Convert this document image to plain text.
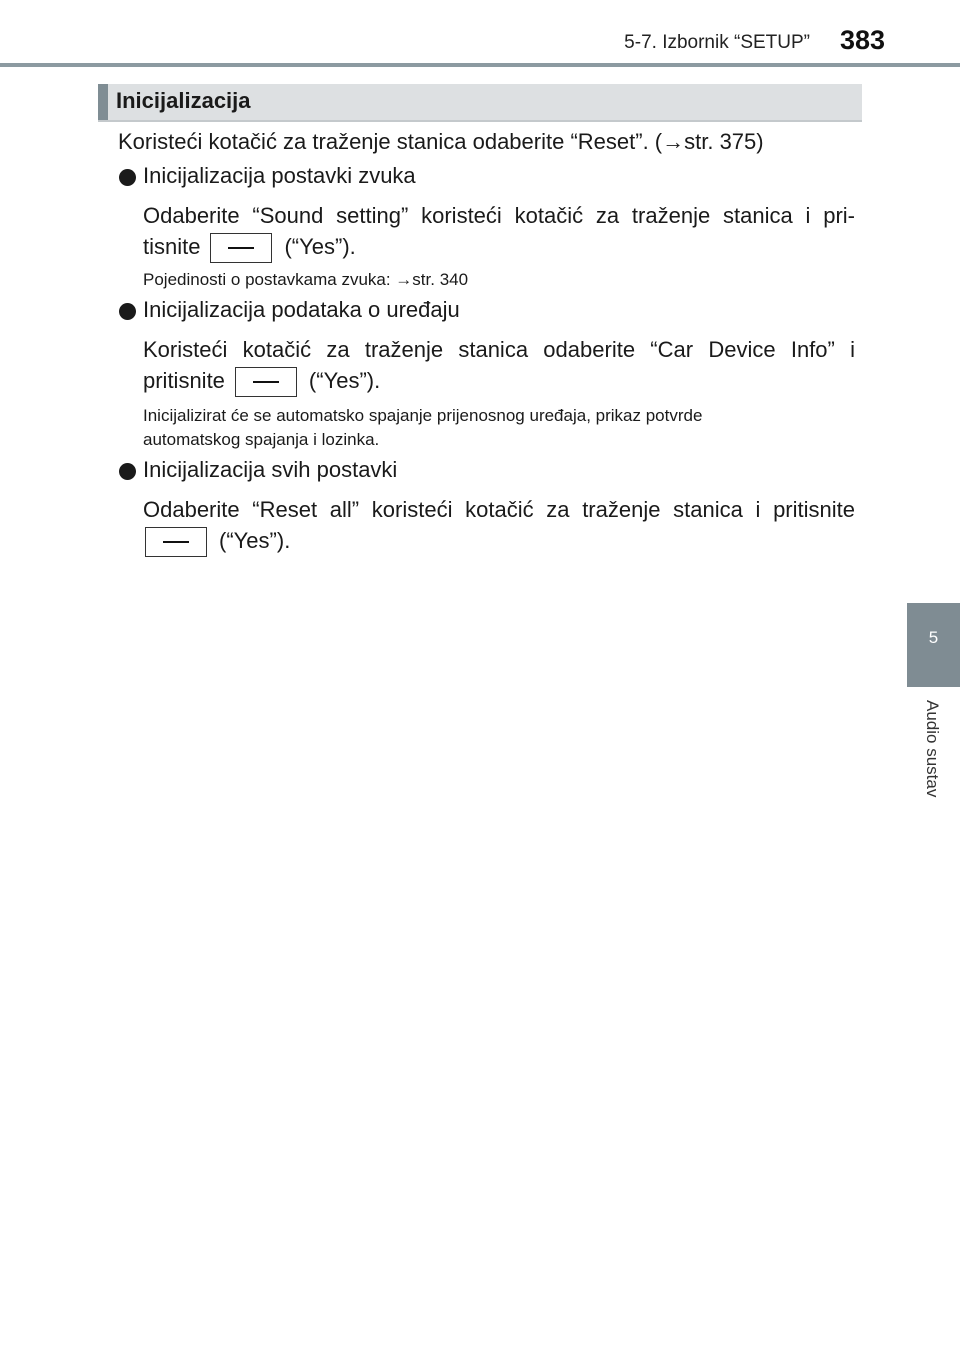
5-7. Izbornik “SETUP” 383
Inicijalizacija
5
Audio sustav
Koristeći kotačić za traženje stanica odaberite “Reset”. (→str. 375)
Inicijalizacija postavki zvuka
Odaberite “Sound setting” koristeći kotačić za traženje stanica i pri-
tisnite	(“Yes”).
Pojedinosti o postavkama zvuka: →str. 340
Inicijalizacija podataka o uređaju
Koristeći kotačić za traženje stanica odaberite “Car Device Info” i
pritisnite	(“Yes”).
Inicijalizirat će se automatsko spajanje prijenosnog uređaja, prikaz potvrde
automatskog spajanja i lozinka.
Inicijalizacija svih postavki
Odaberite “Reset all” koristeći kotačić za traženje stanica i pritisnite
(“Yes”).
